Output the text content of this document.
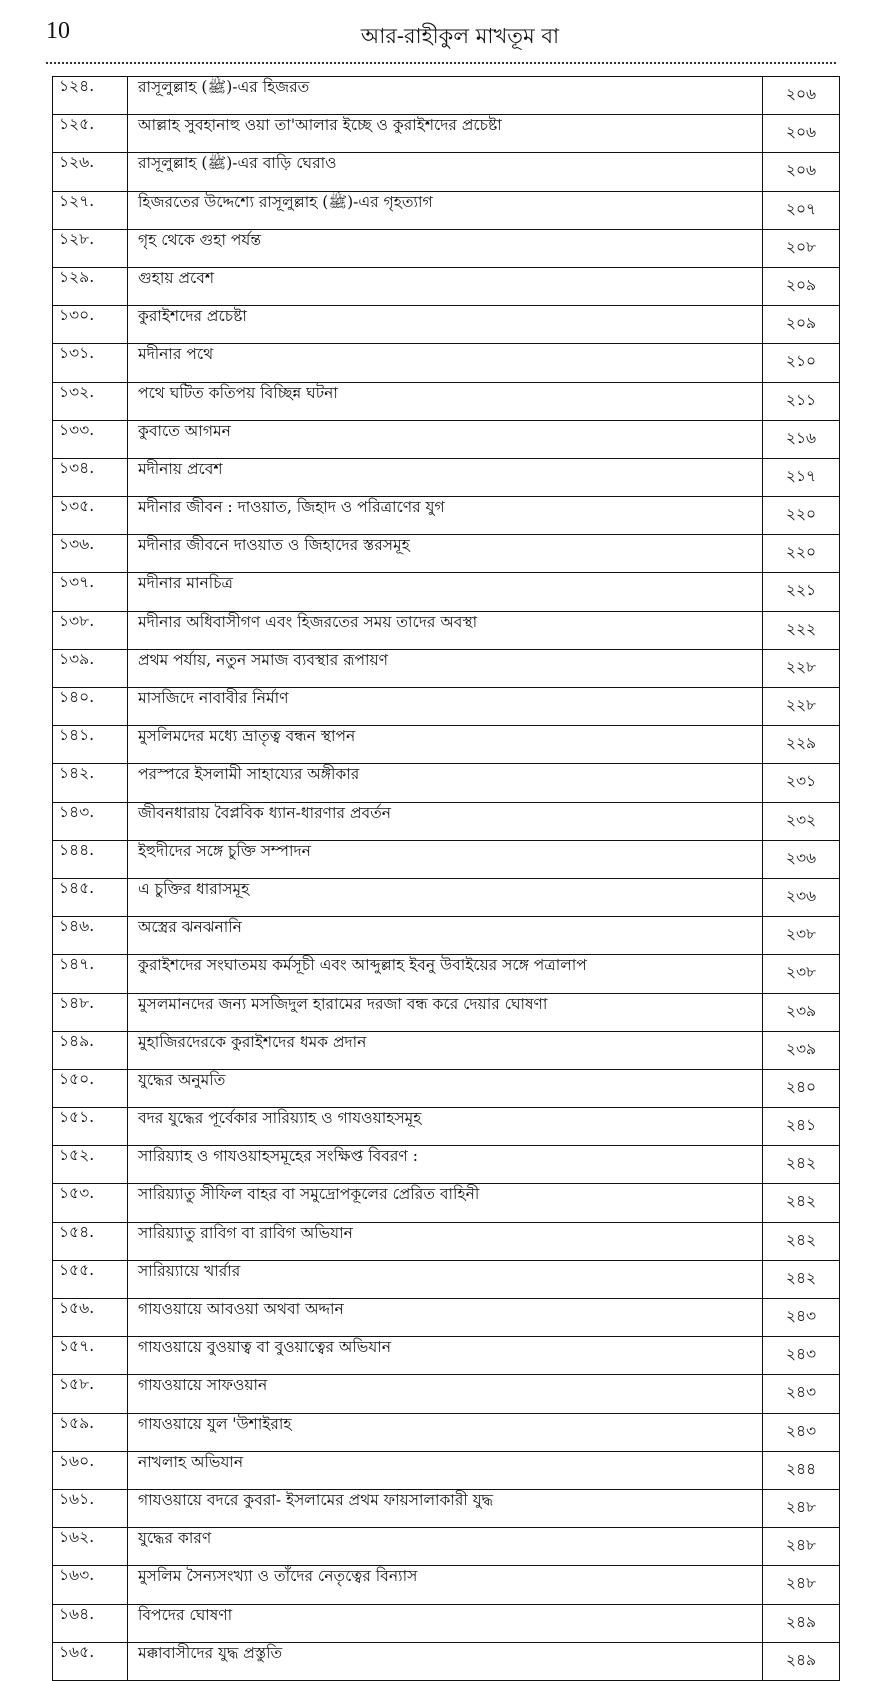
10	আর-রাহীকুল মাখতূম বা
১২৪.	রাসূলুল্লাহ (ﷺ)-এর হিজরত	২০৬
১২৫.	আল্লাহ সুবহানাহু ওয়া তা'আলার ইচ্ছে ও কুরাইশদের প্রচেষ্টা	২০৬
১২৬.	রাসূলুল্লাহ (ﷺ)-এর বাড়ি ঘেরাও	২০৬
১২৭.	হিজরতের উদ্দেশ্যে রাসূলুল্লাহ (ﷺ)-এর গৃহত্যাগ	২০৭
১২৮.	গৃহ থেকে গুহা পর্যন্ত	২০৮
১২৯.	গুহায় প্রবেশ	২০৯
১৩০.	কুরাইশদের প্রচেষ্টা	২০৯
১৩১.	মদীনার পথে	২১০
১৩২.	পথে ঘটিত কতিপয় বিচ্ছিন্ন ঘটনা	২১১
১৩৩.	কুবাতে আগমন	২১৬
১৩৪.	মদীনায় প্রবেশ	২১৭
১৩৫.	মদীনার জীবন : দাওয়াত, জিহাদ ও পরিত্রাণের যুগ	২২০
১৩৬.	মদীনার জীবনে দাওয়াত ও জিহাদের স্তরসমূহ	২২০
১৩৭.	মদীনার মানচিত্র	২২১
১৩৮.	মদীনার অধিবাসীগণ এবং হিজরতের সময় তাদের অবস্থা	২২২
১৩৯.	প্রথম পর্যায়, নতুন সমাজ ব্যবস্থার রূপায়ণ	২২৮
১৪০.	মাসজিদে নাবাবীর নির্মাণ	২২৮
১৪১.	মুসলিমদের মধ্যে ভ্রাতৃত্ব বন্ধন স্থাপন	২২৯
১৪২.	পরস্পরে ইসলামী সাহায্যের অঙ্গীকার	২৩১
১৪৩.	জীবনধারায় বৈপ্লবিক ধ্যান-ধারণার প্রবর্তন	২৩২
১৪৪.	ইহুদীদের সঙ্গে চুক্তি সম্পাদন	২৩৬
১৪৫.	এ চুক্তির ধারাসমূহ	২৩৬
১৪৬.	অস্ত্রের ঝনঝনানি	২৩৮
১৪৭.	কুরাইশদের সংঘাতময় কর্মসূচী এবং আব্দুল্লাহ ইবনু উবাইয়ের সঙ্গে পত্রালাপ	২৩৮
১৪৮.	মুসলমানদের জন্য মসজিদুল হারামের দরজা বন্ধ করে দেয়ার ঘোষণা	২৩৯
১৪৯.	মুহাজিরদেরকে কুরাইশদের ধমক প্রদান	২৩৯
১৫০.	যুদ্ধের অনুমতি	২৪০
১৫১.	বদর যুদ্ধের পূর্বেকার সারিয়্যাহ ও গাযওয়াহসমূহ	২৪১
১৫২.	সারিয়্যাহ ও গাযওয়াহসমূহের সংক্ষিপ্ত বিবরণ :	২৪২
১৫৩.	সারিয়্যাতু সীফিল বাহর বা সমুদ্রোপকূলের প্রেরিত বাহিনী	২৪২
১৫৪.	সারিয়্যাতু রাবিগ বা রাবিগ অভিযান	২৪২
১৫৫.	সারিয়্যায়ে খার্রার	২৪২
১৫৬.	গাযওয়ায়ে আবওয়া অথবা অদ্দান	২৪৩
১৫৭.	গাযওয়ায়ে বুওয়াত্ব বা বুওয়াত্বের অভিযান	২৪৩
১৫৮.	গাযওয়ায়ে সাফওয়ান	২৪৩
১৫৯.	গাযওয়ায়ে যুল 'উশাইরাহ	২৪৩
১৬০.	নাখলাহ অভিযান	২৪৪
১৬১.	গাযওয়ায়ে বদরে কুবরা- ইসলামের প্রথম ফায়সালাকারী যুদ্ধ	২৪৮
১৬২.	যুদ্ধের কারণ	২৪৮
১৬৩.	মুসলিম সৈন্যসংখ্যা ও তাঁদের নেতৃত্বের বিন্যাস	২৪৮
১৬৪.	বিপদের ঘোষণা	২৪৯
১৬৫.	মক্কাবাসীদের যুদ্ধ প্রস্তুতি	২৪৯
